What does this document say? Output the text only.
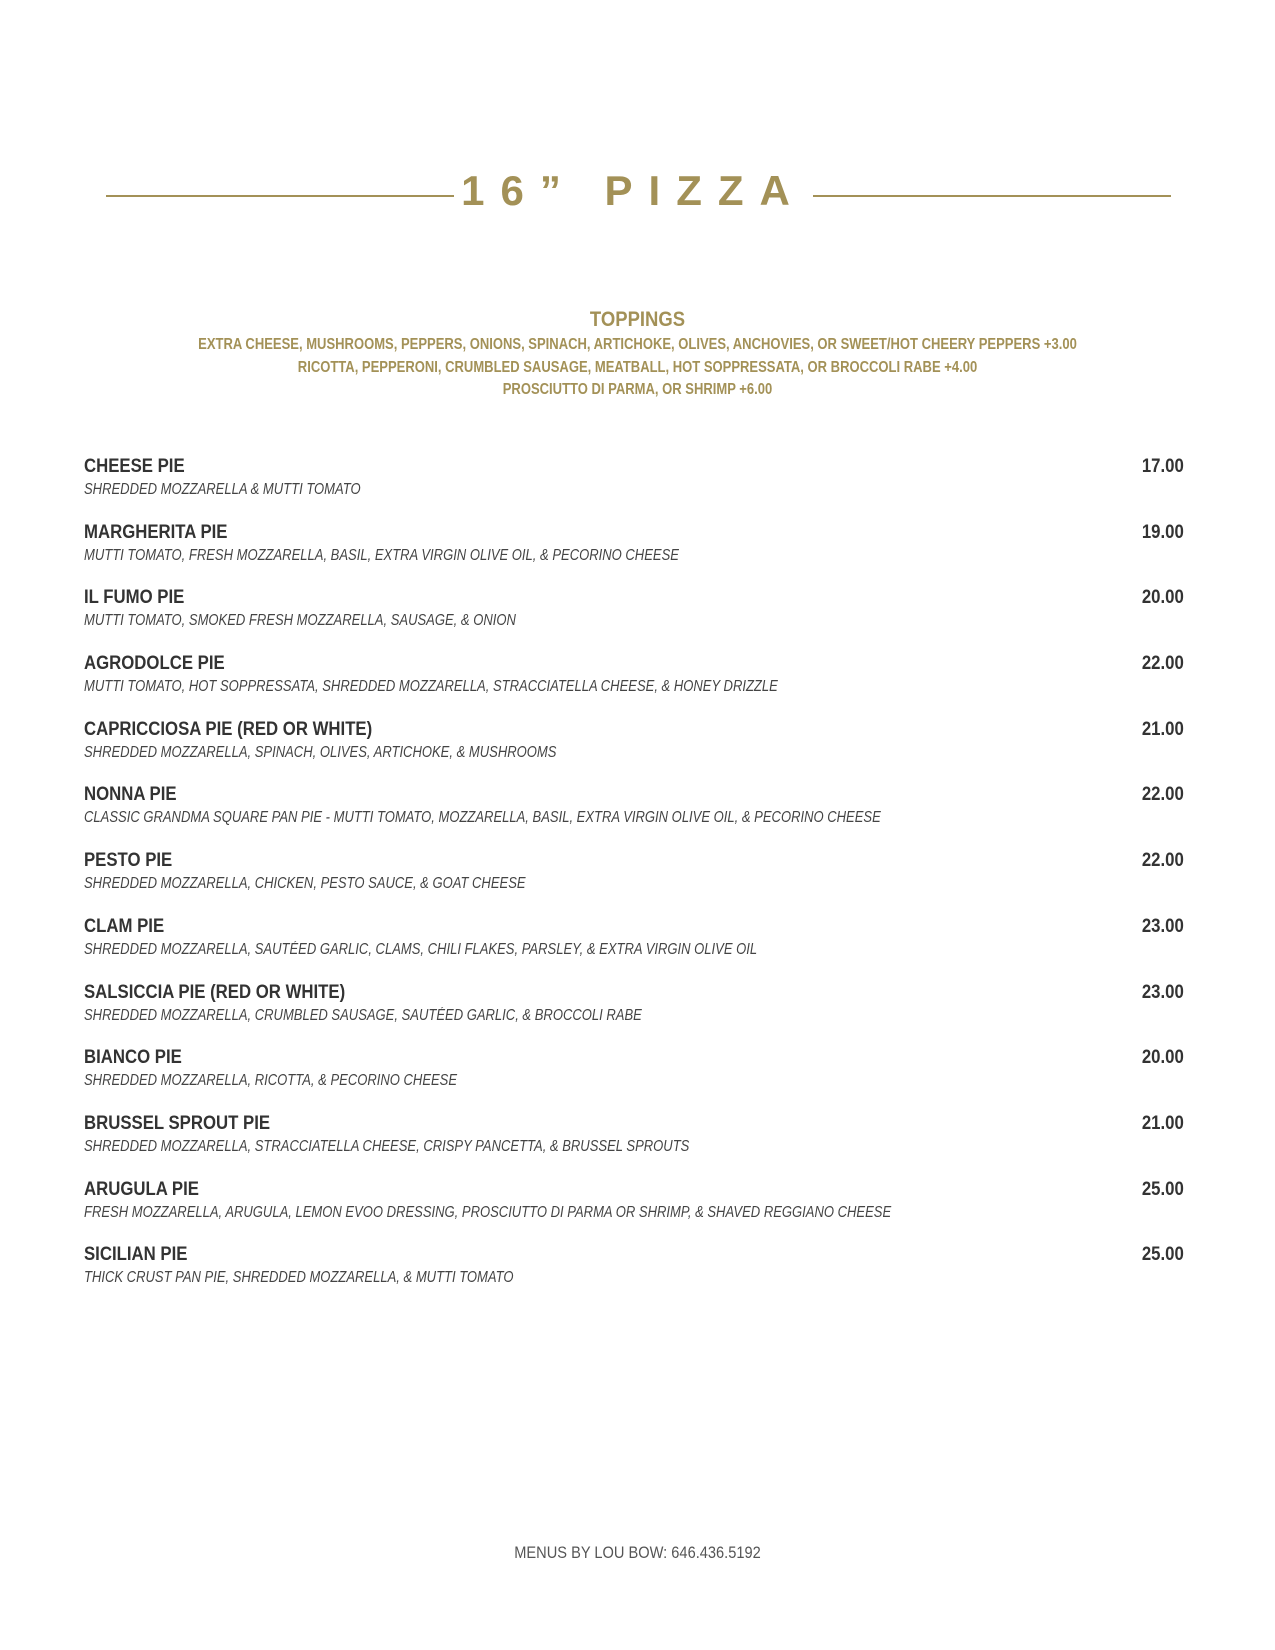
16” PIZZA
TOPPINGS
EXTRA CHEESE, MUSHROOMS, PEPPERS, ONIONS, SPINACH, ARTICHOKE, OLIVES, ANCHOVIES, OR SWEET/HOT CHEERY PEPPERS +3.00
RICOTTA, PEPPERONI, CRUMBLED SAUSAGE, MEATBALL, HOT SOPPRESSATA, OR BROCCOLI RABE +4.00
PROSCIUTTO DI PARMA, OR SHRIMP +6.00
CHEESE PIE
SHREDDED MOZZARELLA & MUTTI TOMATO
17.00
MARGHERITA PIE
MUTTI TOMATO, FRESH MOZZARELLA, BASIL, EXTRA VIRGIN OLIVE OIL, & PECORINO CHEESE
19.00
IL FUMO PIE
MUTTI TOMATO, SMOKED FRESH MOZZARELLA, SAUSAGE, & ONION
20.00
AGRODOLCE PIE
MUTTI TOMATO, HOT SOPPRESSATA, SHREDDED MOZZARELLA, STRACCIATELLA CHEESE, & HONEY DRIZZLE
22.00
CAPRICCIOSA PIE (RED OR WHITE)
SHREDDED MOZZARELLA, SPINACH, OLIVES, ARTICHOKE, & MUSHROOMS
21.00
NONNA PIE
CLASSIC GRANDMA SQUARE PAN PIE - MUTTI TOMATO, MOZZARELLA, BASIL, EXTRA VIRGIN OLIVE OIL, & PECORINO CHEESE
22.00
PESTO PIE
SHREDDED MOZZARELLA, CHICKEN, PESTO SAUCE, & GOAT CHEESE
22.00
CLAM PIE
SHREDDED MOZZARELLA, SAUTÉED GARLIC, CLAMS, CHILI FLAKES, PARSLEY, & EXTRA VIRGIN OLIVE OIL
23.00
SALSICCIA PIE (RED OR WHITE)
SHREDDED MOZZARELLA, CRUMBLED SAUSAGE, SAUTÉED GARLIC, & BROCCOLI RABE
23.00
BIANCO PIE
SHREDDED MOZZARELLA, RICOTTA, & PECORINO CHEESE
20.00
BRUSSEL SPROUT PIE
SHREDDED MOZZARELLA, STRACCIATELLA CHEESE, CRISPY PANCETTA, & BRUSSEL SPROUTS
21.00
ARUGULA PIE
FRESH MOZZARELLA, ARUGULA, LEMON EVOO DRESSING, PROSCIUTTO DI PARMA OR SHRIMP, & SHAVED REGGIANO CHEESE
25.00
SICILIAN PIE
THICK CRUST PAN PIE, SHREDDED MOZZARELLA, & MUTTI TOMATO
25.00
MENUS BY LOU BOW: 646.436.5192
